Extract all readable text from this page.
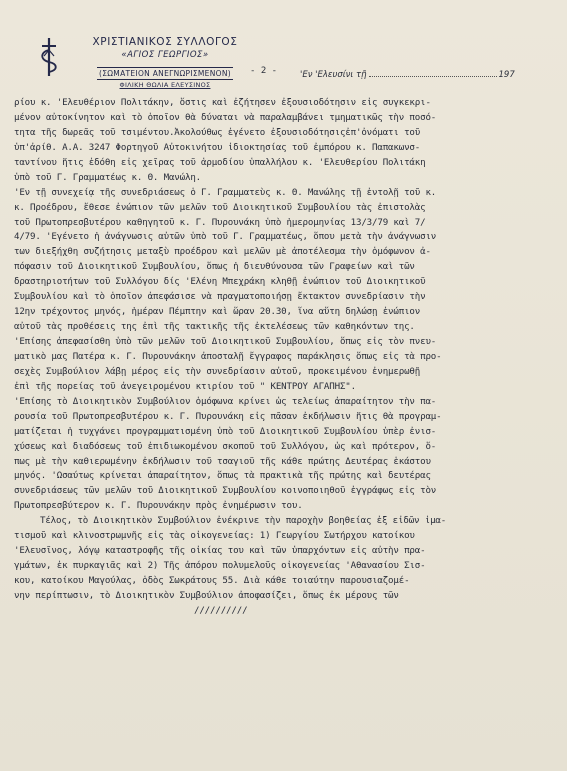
ΧΡΙΣΤΙΑΝΙΚΟΣ ΣΥΛΛΟΓΟΣ
«ΑΓΙΟΣ ΓΕΩΡΓΙΟΣ»
(ΣΩΜΑΤΕΙΟΝ ΑΝΕΓΝΩΡΙΣΜΕΝΟΝ)
ΦΙΛΙΚΗ ΘΩΛΙΑ ΕΛΕΥΣΙΝΟΣ
- 2 -	'Εν 'Ελευσίνι τῇ	197
ρίου κ. 'Ελευθέριον Πολιτάκην, ὅστις καὶ ἐζήτησεν ἐξουσιοδότησιν εἰς συγκεκρι-
μένον αὐτοκίνητον καὶ τὸ ὁποῖον θὰ δύναται νὰ παραλαμβάνει τμηματικῶς τὴν ποσό-
τητα τῆς δωρεᾶς τοῦ τσιμέντου.Ἀκολούθως ἐγένετο ἐξουσιοδότησιςἐπ'ὀνόματι τοῦ
ὑπ'ἀρίθ. Α.Α. 3247 Φορτηγοῦ Αὐτοκινήτου ἰδιοκτησίας τοῦ ἐμπόρου κ. Παπακωνσ-
ταντίνου ἥτις ἐδόθη εἰς χεῖρας τοῦ ἁρμοδίου ὑπαλλήλου κ. 'Ελευθερίου Πολιτάκη
ὑπὸ τοῦ Γ. Γραμματέως κ. Θ. Μανώλη.
'Εν τῇ συνεχείᾳ τῆς συνεδριάσεως ὁ Γ. Γραμματεὺς κ. Θ. Μανώλης τῇ ἐντολῇ τοῦ κ.
κ. Προέδρου, ἔθεσε ἐνώπιον τῶν μελῶν τοῦ Διοικητικοῦ Συμβουλίου τὰς ἐπιστολὰς
τοῦ Πρωτοπρεσβυτέρου καθηγητοῦ κ. Γ. Πυρουνάκη ὑπὸ ἡμερομηνίας 13/3/79 καὶ 7/
4/79. 'Εγένετο ἡ ἀνάγνωσις αὐτῶν ὑπὸ τοῦ Γ. Γραμματέως, ὅπου μετὰ τὴν ἀνάγνωσιν
των διεξήχθη συζήτησις μεταξὺ προέδρου καὶ μελῶν μὲ ἀποτέλεσμα τὴν ὁμόφωνον ἀ-
πόφασιν τοῦ Διοικητικοῦ Συμβουλίου, ὅπως ἡ διευθύνουσα τῶν Γραφείων καὶ τῶν
δραστηριοτήτων τοῦ Συλλόγου δίς 'Ελένη Μπεχράκη κληθῇ ἐνώπιον τοῦ Διοικητικοῦ
Συμβουλίου καὶ τὸ ὁποῖον ἀπεφάσισε νὰ πραγματοποιήσῃ ἔκτακτον συνεδρίασιν τὴν
12ην τρέχοντος μηνός, ἡμέραν Πέμπτην καὶ ὥραν 20.30, ἵνα αὕτη δηλώσῃ ἐνώπιον
αὐτοῦ τὰς προθέσεις της ἐπὶ τῆς τακτικῆς τῆς ἐκτελέσεως τῶν καθηκόντων της.
'Επίσης ἀπεφασίσθη ὑπὸ τῶν μελῶν τοῦ Διοικητικοῦ Συμβουλίου, ὅπως εἰς τὸν πνευ-
ματικὸ μας Πατέρα κ. Γ. Πυρουνάκην ἀποσταλῇ ἔγγραφος παράκλησις ὅπως εἰς τὰ προ-
σεχὲς Συμβούλιον λάβῃ μέρος εἰς τὴν συνεδρίασιν αὐτοῦ, προκειμένου ἐνημερωθῇ
ἐπὶ τῆς πορείας τοῦ ἀνεγειρομένου κτιρίου τοῦ " ΚΕΝΤΡΟΥ ΑΓΑΠΗΣ".
'Επίσης τὸ Διοικητικὸν Συμβούλιον ὁμόφωνα κρίνει ὡς τελείως ἀπαραίτητον τὴν πα-
ρουσία τοῦ Πρωτοπρεσβυτέρου κ. Γ. Πυρουνάκη εἰς πᾶσαν ἐκδήλωσιν ἥτις θὰ προγραμ-
ματίζεται ἡ τυχγάνει προγραμματισμένη ὑπὸ τοῦ Διοικητικοῦ Συμβουλίου ὑπὲρ ἐνισ-
χύσεως καὶ διαδόσεως τοῦ ἐπιδιωκομένου σκοποῦ τοῦ Συλλόγου, ὡς καὶ πρότερον, ὅ-
πως μὲ τὴν καθιερωμένην ἐκδήλωσιν τοῦ τσαγιοῦ τῆς κάθε πρώτης Δευτέρας ἑκάστου
μηνός. 'Ωσαύτως κρίνεται ἀπαραίτητον, ὅπως τὰ πρακτικὰ τῆς πρώτης καὶ δευτέρας
συνεδριάσεως τῶν μελῶν τοῦ Διοικητικοῦ Συμβουλίου κοινοποιηθοῦ ἐγγράφως εἰς τὸν
Πρωτοπρεσβύτερον κ. Γ. Πυρουνάκην πρὸς ἐνημέρωσιν του.
Τέλος, τὸ Διοικητικὸν Συμβούλιον ἐνέκρινε τὴν παροχὴν βοηθείας ἐξ εἰδῶν ἱμα-
τισμοῦ καὶ κλινοστρωμνῆς εἰς τὰς οἰκογενείας: 1) Γεωργίου Σωτήρχου κατοίκου
'Ελευσῖνος, λόγῳ καταστροφῆς τῆς οἰκίας του καὶ τῶν ὑπαρχόντων εἰς αὐτὴν πρα-
γμάτων, ἐκ πυρκαγιᾶς καὶ 2) Τῆς ἀπόρου πολυμελοῦς οἰκογενείας 'Αθανασίου Σισ-
κου, κατοίκου Μαγούλας, ὁδὸς Σωκράτους 55. Διὰ κάθε τοιαύτην παρουσιαζομέ-
νην περίπτωσιν, τὸ Διοικητικὸν Συμβούλιον ἀποφασίζει, ὅπως ἐκ μέρους τῶν
//////////
